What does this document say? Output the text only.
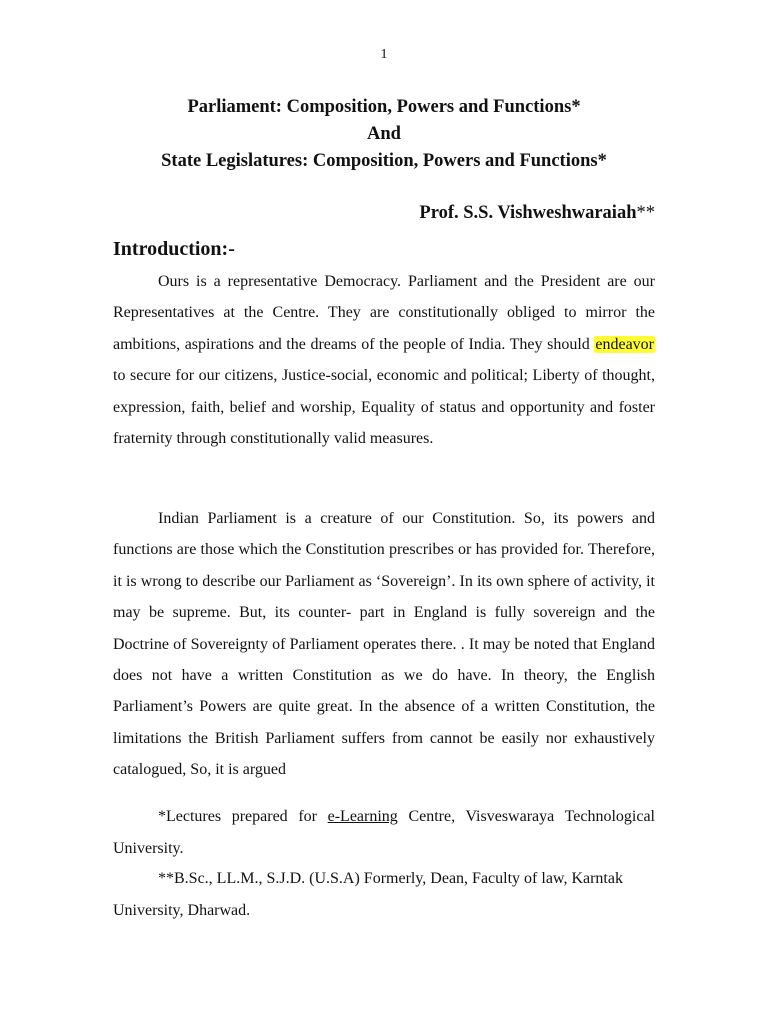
1
Parliament: Composition, Powers and Functions*
And
State Legislatures: Composition, Powers and Functions*
Prof. S.S. Vishweshwaraiah**
Introduction:-

Ours is a representative Democracy. Parliament and the President are our Representatives at the Centre. They are constitutionally obliged to mirror the ambitions, aspirations and the dreams of the people of India. They should endeavor to secure for our citizens, Justice-social, economic and political; Liberty of thought, expression, faith, belief and worship, Equality of status and opportunity and foster fraternity through constitutionally valid measures.

Indian Parliament is a creature of our Constitution. So, its powers and functions are those which the Constitution prescribes or has provided for. Therefore, it is wrong to describe our Parliament as ‘Sovereign’. In its own sphere of activity, it may be supreme. But, its counter- part in England is fully sovereign and the Doctrine of Sovereignty of Parliament operates there. . It may be noted that England does not have a written Constitution as we do have. In theory, the English Parliament’s Powers are quite great. In the absence of a written Constitution, the limitations the British Parliament suffers from cannot be easily nor exhaustively catalogued, So, it is argued

*Lectures prepared for e-Learning Centre, Visveswaraya Technological University.

**B.Sc., LL.M., S.J.D. (U.S.A) Formerly, Dean, Faculty of law, Karntak University, Dharwad.
